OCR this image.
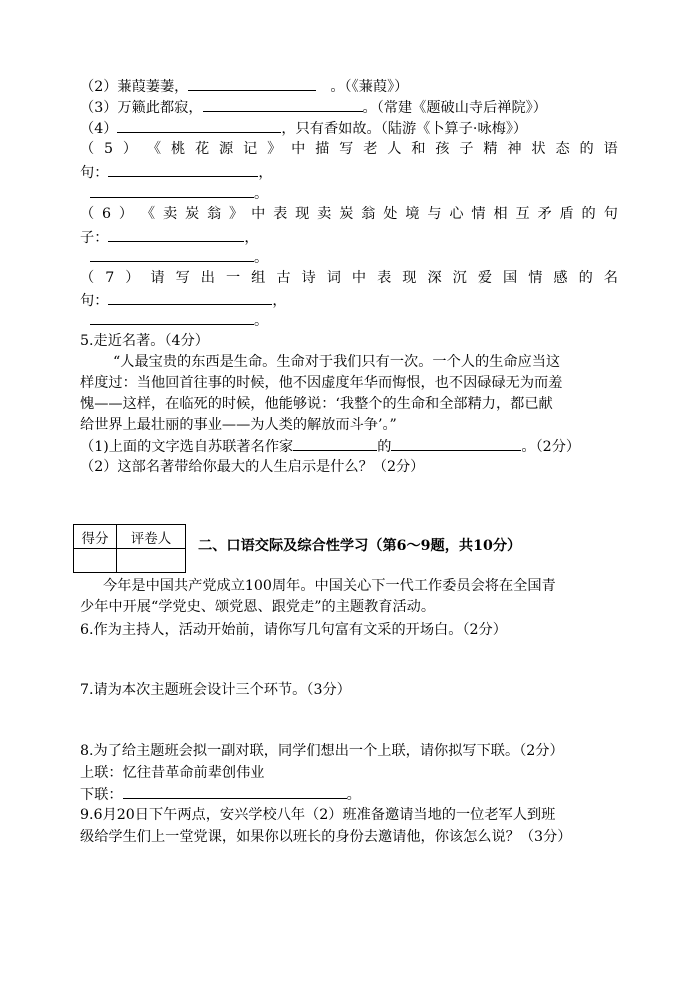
（2）蒹葭萋萋，	。（《蒹葭》）
（3）万籁此都寂，	。（常建《题破山寺后禅院》）
（4）	，只有香如故。（陆游《卜算子·咏梅》）
（ 5 ） 《 桃 花 源 记 》 中 描 写 老 人 和 孩 子 精 神 状 态 的 语
句：	，
。
（ 6 ） 《 卖 炭 翁 》 中 表 现 卖 炭 翁 处 境 与 心 情 相 互 矛 盾 的 句
子：	，
。
（ 7 ） 请 写 出 一 组 古 诗 词 中 表 现 深 沉 爱 国 情 感 的 名
句：	，
。
5.走近名著。（4分）
“人最宝贵的东西是生命。生命对于我们只有一次。一个人的生命应当这
样度过：当他回首往事的时候，他不因虚度年华而悔恨，也不因碌碌无为而羞
愧——这样，在临死的时候，他能够说：‘我整个的生命和全部精力，都已献
给世界上最壮丽的事业——为人类的解放而斗争’。”
（1)上面的文字选自苏联著名作家	的	。（2分）
（2）这部名著带给你最大的人生启示是什么？（2分）
得分	评卷人
	二、口语交际及综合性学习（第6～9题，共10分）
今年是中国共产党成立100周年。中国关心下一代工作委员会将在全国青
少年中开展“学党史、颂党恩、跟党走”的主题教育活动。
6.作为主持人，活动开始前，请你写几句富有文采的开场白。（2分）
7.请为本次主题班会设计三个环节。（3分）
8.为了给主题班会拟一副对联，同学们想出一个上联，请你拟写下联。（2分）
上联：忆往昔革命前辈创伟业
下联：	。
9.6月20日下午两点，安兴学校八年（2）班准备邀请当地的一位老军人到班
级给学生们上一堂党课，如果你以班长的身份去邀请他，你该怎么说？（3分）
